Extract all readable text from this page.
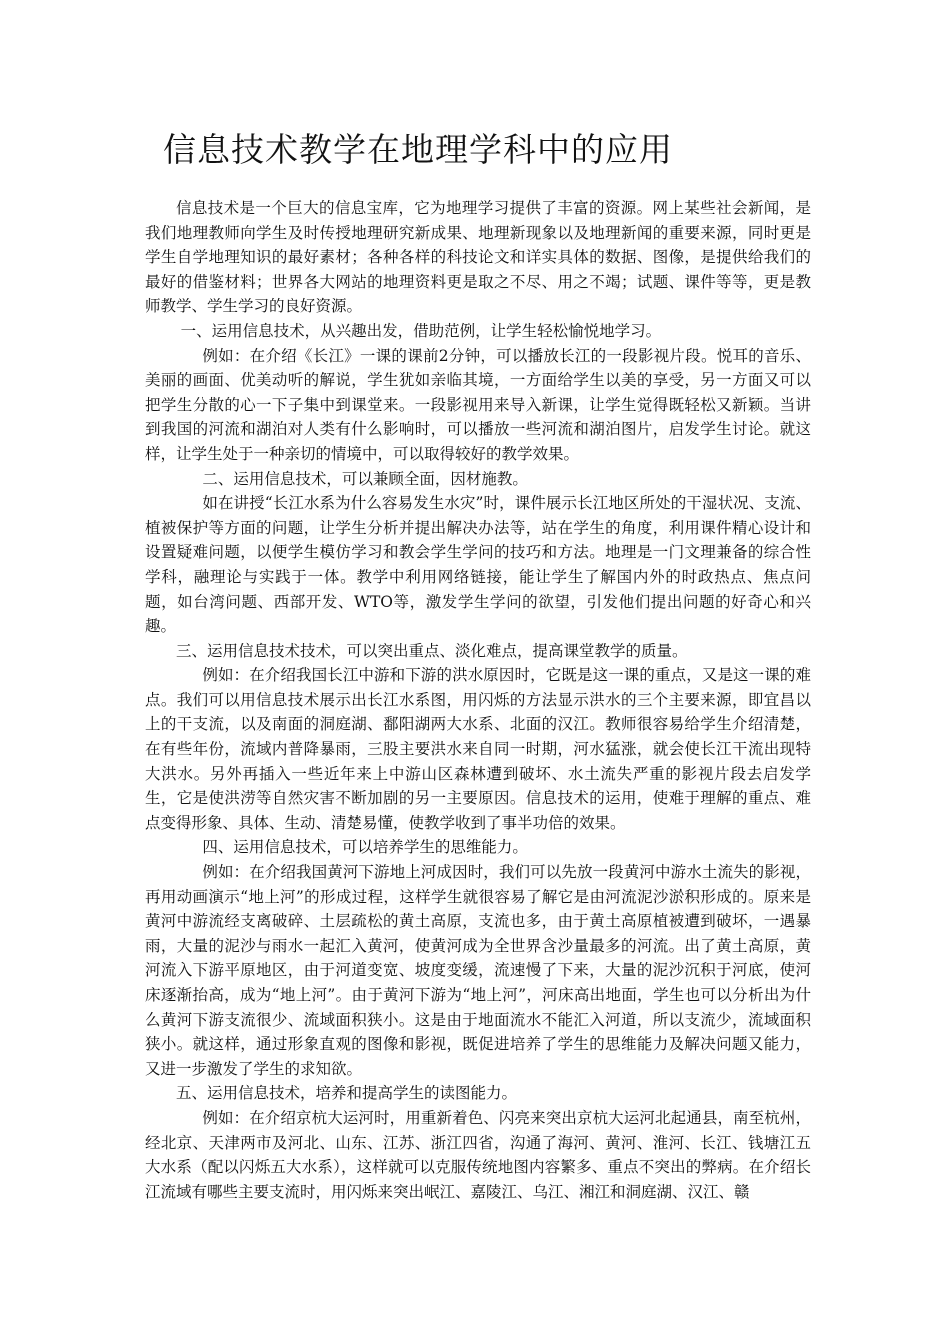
信息技术教学在地理学科中的应用

信息技术是一个巨大的信息宝库，它为地理学习提供了丰富的资源。网上某些社会新闻，是我们地理教师向学生及时传授地理研究新成果、地理新现象以及地理新闻的重要来源，同时更是学生自学地理知识的最好素材；各种各样的科技论文和详实具体的数据、图像，是提供给我们的最好的借鉴材料；世界各大网站的地理资料更是取之不尽、用之不竭；试题、课件等等，更是教师教学、学生学习的良好资源。

一、运用信息技术，从兴趣出发，借助范例，让学生轻松愉悦地学习。

例如：在介绍《长江》一课的课前2分钟，可以播放长江的一段影视片段。悦耳的音乐、美丽的画面、优美动听的解说，学生犹如亲临其境，一方面给学生以美的享受，另一方面又可以把学生分散的心一下子集中到课堂来。一段影视用来导入新课，让学生觉得既轻松又新颖。当讲到我国的河流和湖泊对人类有什么影响时，可以播放一些河流和湖泊图片，启发学生讨论。就这样，让学生处于一种亲切的情境中，可以取得较好的教学效果。

二、运用信息技术，可以兼顾全面，因材施教。

如在讲授“长江水系为什么容易发生水灾”时，课件展示长江地区所处的干湿状况、支流、植被保护等方面的问题，让学生分析并提出解决办法等，站在学生的角度，利用课件精心设计和设置疑难问题，以便学生模仿学习和教会学生学问的技巧和方法。地理是一门文理兼备的综合性学科，融理论与实践于一体。教学中利用网络链接，能让学生了解国内外的时政热点、焦点问题，如台湾问题、西部开发、WTO等，激发学生学问的欲望，引发他们提出问题的好奇心和兴趣。

三、运用信息技术技术，可以突出重点、淡化难点，提高课堂教学的质量。

例如：在介绍我国长江中游和下游的洪水原因时，它既是这一课的重点，又是这一课的难点。我们可以用信息技术展示出长江水系图，用闪烁的方法显示洪水的三个主要来源，即宜昌以上的干支流，以及南面的洞庭湖、鄱阳湖两大水系、北面的汉江。教师很容易给学生介绍清楚，在有些年份，流域内普降暴雨，三股主要洪水来自同一时期，河水猛涨，就会使长江干流出现特大洪水。另外再插入一些近年来上中游山区森林遭到破坏、水土流失严重的影视片段去启发学生，它是使洪涝等自然灾害不断加剧的另一主要原因。信息技术的运用，使难于理解的重点、难点变得形象、具体、生动、清楚易懂，使教学收到了事半功倍的效果。

四、运用信息技术，可以培养学生的思维能力。

例如：在介绍我国黄河下游地上河成因时，我们可以先放一段黄河中游水土流失的影视，再用动画演示“地上河”的形成过程，这样学生就很容易了解它是由河流泥沙淤积形成的。原来是黄河中游流经支离破碎、土层疏松的黄土高原，支流也多，由于黄土高原植被遭到破坏，一遇暴雨，大量的泥沙与雨水一起汇入黄河，使黄河成为全世界含沙量最多的河流。出了黄土高原，黄河流入下游平原地区，由于河道变宽、坡度变缓，流速慢了下来，大量的泥沙沉积于河底，使河床逐渐抬高，成为“地上河”。由于黄河下游为“地上河”，河床高出地面，学生也可以分析出为什么黄河下游支流很少、流域面积狭小。这是由于地面流水不能汇入河道，所以支流少，流域面积狭小。就这样，通过形象直观的图像和影视，既促进培养了学生的思维能力及解决问题又能力，又进一步激发了学生的求知欲。

五、运用信息技术，培养和提高学生的读图能力。

例如：在介绍京杭大运河时，用重新着色、闪亮来突出京杭大运河北起通县，南至杭州，经北京、天津两市及河北、山东、江苏、浙江四省，沟通了海河、黄河、淮河、长江、钱塘江五大水系（配以闪烁五大水系），这样就可以克服传统地图内容繁多、重点不突出的弊病。在介绍长江流域有哪些主要支流时，用闪烁来突出岷江、嘉陵江、乌江、湘江和洞庭湖、汉江、赣
